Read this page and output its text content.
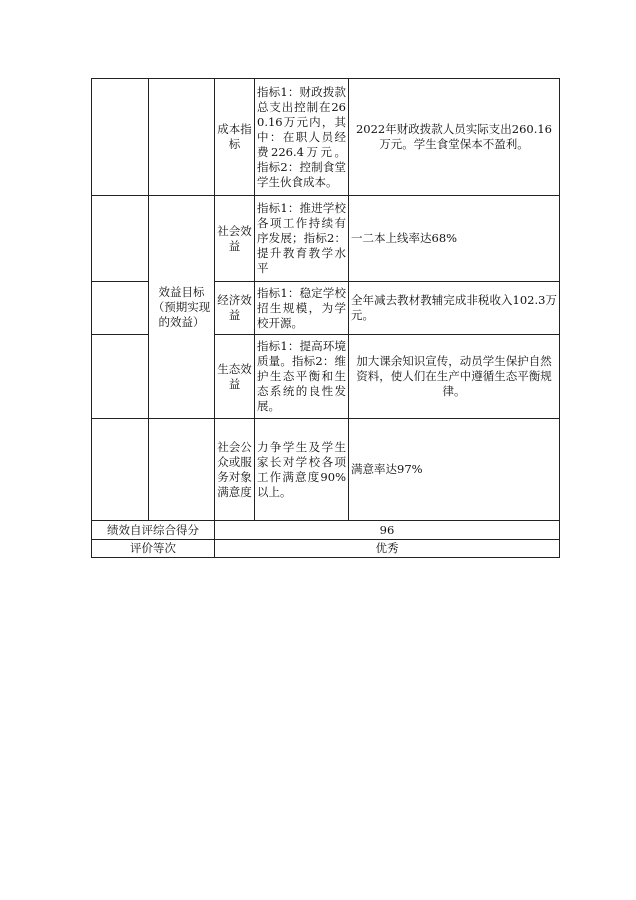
		成本指标	指标1：财政拨款总支出控制在260.16万元内，其中：在职人员经费226.4万元。指标2：控制食堂学生伙食成本。	2022年财政拨款人员实际支出260.16万元。学生食堂保本不盈利。
	效益目标（预期实现的效益）	社会效益	指标1：推进学校各项工作持续有序发展；指标2：提升教育教学水平	一二本上线率达68%
		经济效益	指标1：稳定学校招生规模，为学校开源。	全年减去教材教辅完成非税收入102.3万元。
		生态效益	指标1：提高环境质量。指标2：维护生态平衡和生态系统的良性发展。	加大课余知识宣传，动员学生保护自然资料，使人们在生产中遵循生态平衡规律。
		社会公众或服务对象满意度	力争学生及学生家长对学校各项工作满意度90%以上。	满意率达97%
绩效自评综合得分		96		
评价等次		优秀		
